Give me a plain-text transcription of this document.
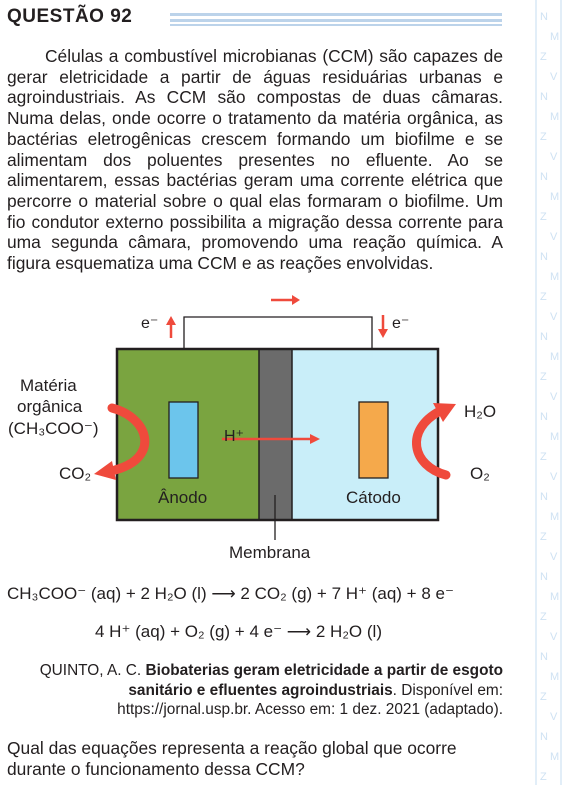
QUESTÃO 92	N
M
Z
V
N
M
Z
V
N
M
Z
V
N
M
Z
V
N
M
Z
V
N
M
Z
V
N
M
Z
V
N
M
Z
V
N
M
Z
V
N
M
Z

Células a combustível microbianas (CCM) são capazes de gerar eletricidade a partir de águas residuárias urbanas e agroindustriais. As CCM são compostas de duas câmaras. Numa delas, onde ocorre o tratamento da matéria orgânica, as bactérias eletrogênicas crescem formando um biofilme e se alimentam dos poluentes presentes no efluente. Ao se alimentarem, essas bactérias geram uma corrente elétrica que percorre o material sobre o qual elas formaram o biofilme. Um fio condutor externo possibilita a migração dessa corrente para uma segunda câmara, promovendo uma reação química. A figura esquematiza uma CCM e as reações envolvidas.

e⁻	e⁻
H⁺
Matéria
orgânica
(CH₃COO⁻)
CO₂
H₂O
O₂
Ânodo	Cátodo
Membrana
CH₃COO⁻ (aq) + 2 H₂O (l) ⟶ 2 CO₂ (g) + 7 H⁺ (aq) + 8 e⁻
4 H⁺ (aq) + O₂ (g) + 4 e⁻ ⟶ 2 H₂O (l)
QUINTO, A. C. Biobaterias geram eletricidade a partir de esgoto sanitário e efluentes agroindustriais. Disponível em: https://jornal.usp.br. Acesso em: 1 dez. 2021 (adaptado).
Qual das equações representa a reação global que ocorre durante o funcionamento dessa CCM?
